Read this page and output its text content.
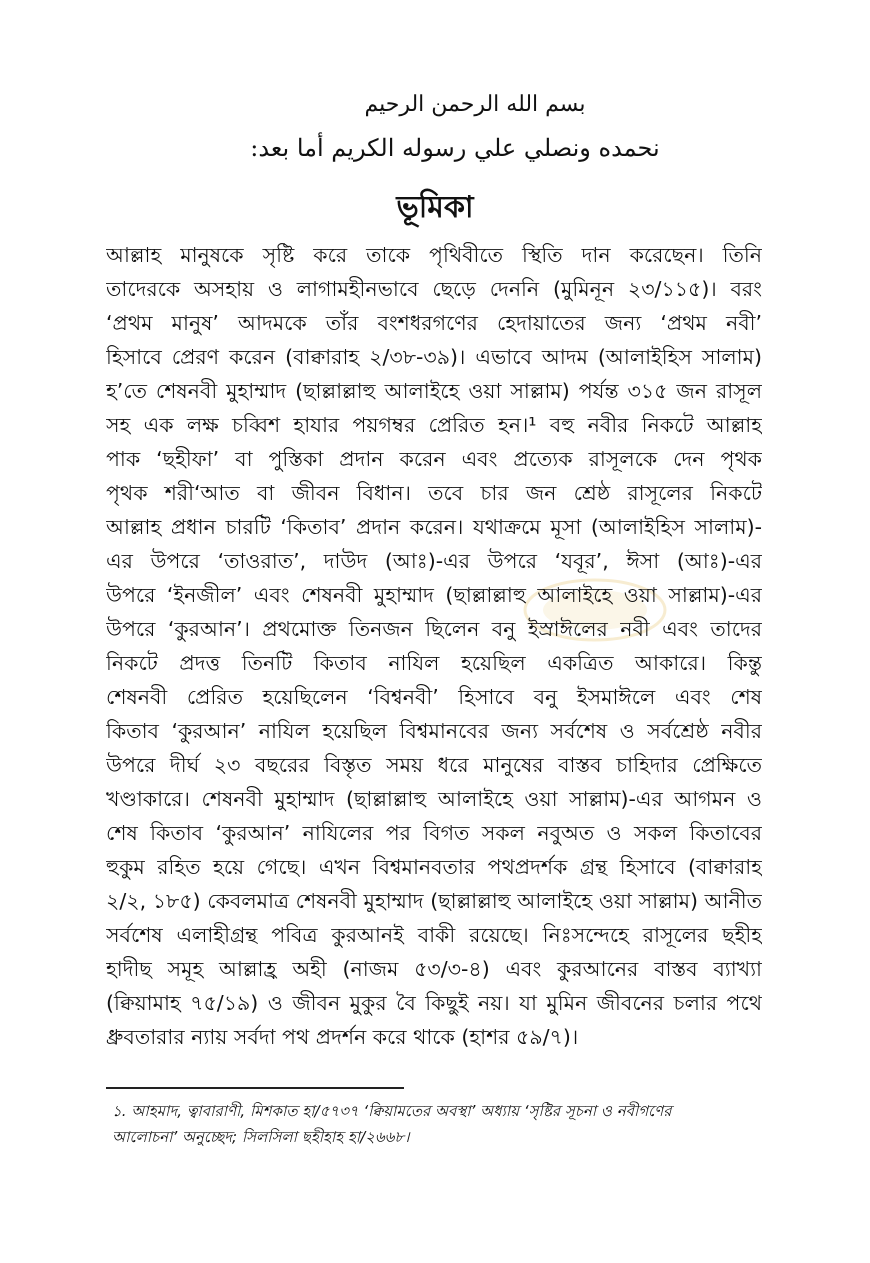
بسم الله الرحمن الرحيم
نحمده ونصلي علي رسوله الكريم أما بعد:
ভূমিকা
আল্লাহ মানুষকে সৃষ্টি করে তাকে পৃথিবীতে স্থিতি দান করেছেন। তিনি
তাদেরকে অসহায় ও লাগামহীনভাবে ছেড়ে দেননি (মুমিনূন ২৩/১১৫)। বরং
‘প্রথম মানুষ’ আদমকে তাঁর বংশধরগণের হেদায়াতের জন্য ‘প্রথম নবী’
হিসাবে প্রেরণ করেন (বাক্বারাহ ২/৩৮-৩৯)। এভাবে আদম (আলাইহিস সালাম)
হ’তে শেষনবী মুহাম্মাদ (ছাল্লাল্লাহু আলাইহে ওয়া সাল্লাম) পর্যন্ত ৩১৫ জন রাসূল
সহ এক লক্ষ চব্বিশ হাযার পয়গম্বর প্রেরিত হন।¹ বহু নবীর নিকটে আল্লাহ
পাক ‘ছহীফা’ বা পুস্তিকা প্রদান করেন এবং প্রত্যেক রাসূলকে দেন পৃথক
পৃথক শরী‘আত বা জীবন বিধান। তবে চার জন শ্রেষ্ঠ রাসূলের নিকটে
আল্লাহ প্রধান চারটি ‘কিতাব’ প্রদান করেন। যথাক্রমে মূসা (আলাইহিস সালাম)-
এর উপরে ‘তাওরাত’, দাউদ (আঃ)-এর উপরে ‘যবূর’, ঈসা (আঃ)-এর
উপরে ‘ইনজীল’ এবং শেষনবী মুহাম্মাদ (ছাল্লাল্লাহু আলাইহে ওয়া সাল্লাম)-এর
উপরে ‘কুরআন’। প্রথমোক্ত তিনজন ছিলেন বনু ইস্রাঈলের নবী এবং তাদের
নিকটে প্রদত্ত তিনটি কিতাব নাযিল হয়েছিল একত্রিত আকারে। কিন্তু
শেষনবী প্রেরিত হয়েছিলেন ‘বিশ্বনবী’ হিসাবে বনু ইসমাঈলে এবং শেষ
কিতাব ‘কুরআন’ নাযিল হয়েছিল বিশ্বমানবের জন্য সর্বশেষ ও সর্বশ্রেষ্ঠ নবীর
উপরে দীর্ঘ ২৩ বছরের বিস্তৃত সময় ধরে মানুষের বাস্তব চাহিদার প্রেক্ষিতে
খণ্ডাকারে। শেষনবী মুহাম্মাদ (ছাল্লাল্লাহু আলাইহে ওয়া সাল্লাম)-এর আগমন ও
শেষ কিতাব ‘কুরআন’ নাযিলের পর বিগত সকল নবুঅত ও সকল কিতাবের
হুকুম রহিত হয়ে গেছে। এখন বিশ্বমানবতার পথপ্রদর্শক গ্রন্থ হিসাবে (বাক্বারাহ
২/২, ১৮৫) কেবলমাত্র শেষনবী মুহাম্মাদ (ছাল্লাল্লাহু আলাইহে ওয়া সাল্লাম) আনীত
সর্বশেষ এলাহীগ্রন্থ পবিত্র কুরআনই বাকী রয়েছে। নিঃসন্দেহে রাসূলের ছহীহ
হাদীছ সমূহ আল্লাহ্র অহী (নাজম ৫৩/৩-৪) এবং কুরআনের বাস্তব ব্যাখ্যা
(ক্বিয়ামাহ ৭৫/১৯) ও জীবন মুকুর বৈ কিছুই নয়। যা মুমিন জীবনের চলার পথে
ধ্রুবতারার ন্যায় সর্বদা পথ প্রদর্শন করে থাকে (হাশর ৫৯/৭)।
১. আহমাদ, ত্বাবারাণী, মিশকাত হা/৫৭৩৭ ‘ক্বিয়ামতের অবস্থা’ অধ্যায় ‘সৃষ্টির সূচনা ও নবীগণের
আলোচনা’ অনুচ্ছেদ; সিলসিলা ছহীহাহ হা/২৬৬৮।
